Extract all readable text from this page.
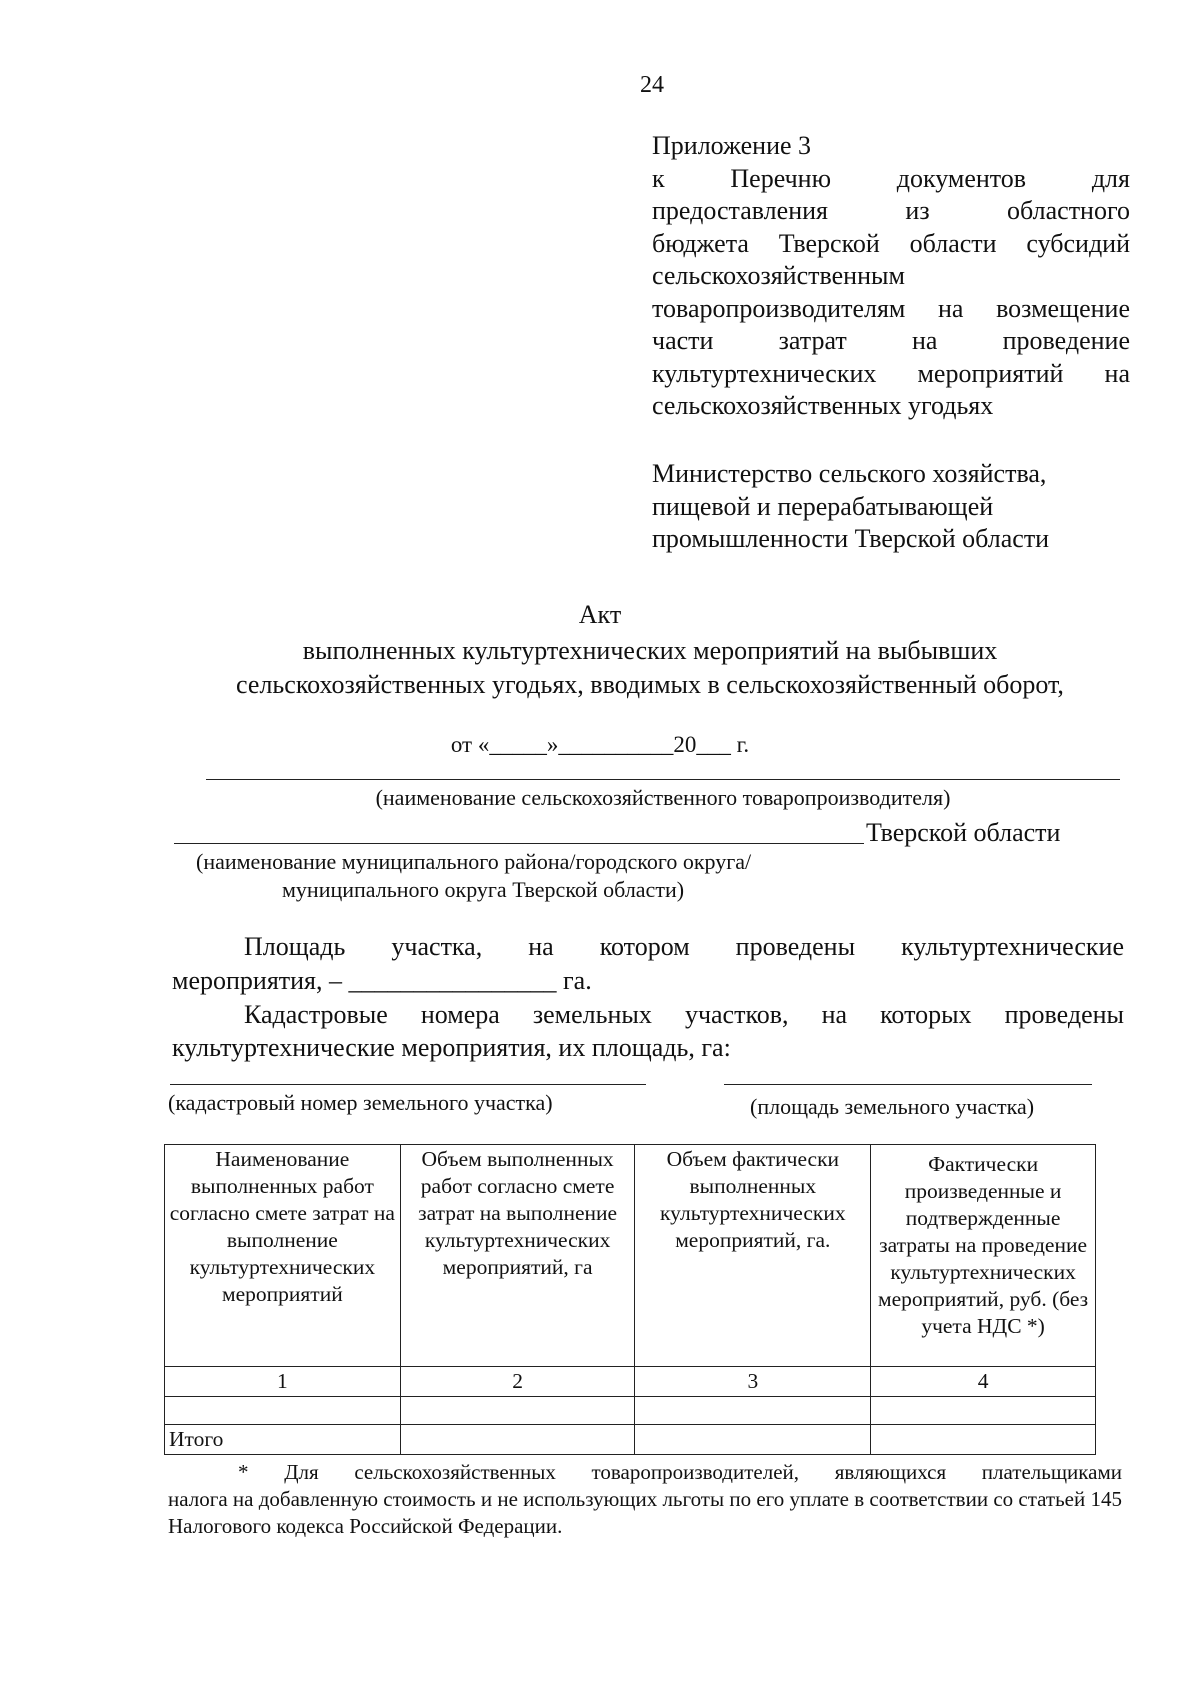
24
Приложение 3
к Перечню документов для
предоставления из областного
бюджета Тверской области субсидий
сельскохозяйственным
товаропроизводителям на возмещение
части затрат на проведение
культуртехнических мероприятий на
сельскохозяйственных угодьях
Министерство сельского хозяйства,
пищевой и перерабатывающей
промышленности Тверской области
Акт
выполненных культуртехнических мероприятий на выбывших
сельскохозяйственных угодьях, вводимых в сельскохозяйственный оборот,
от «_____»__________20___ г.
(наименование сельскохозяйственного товаропроизводителя)
Тверской области
(наименование муниципального района/городского округа/
муниципального округа Тверской области)
Площадь участка, на котором проведены культуртехнические
мероприятия, – ________________ га.
Кадастровые номера земельных участков, на которых проведены
культуртехнические мероприятия, их площадь, га:
(кадастровый номер земельного участка)	(площадь земельного участка)
Наименование выполненных работ согласно смете затрат на выполнение культуртехнических мероприятий	Объем выполненных работ согласно смете затрат на выполнение культуртехнических мероприятий, га	Объем фактически выполненных культуртехнических мероприятий, га.	Фактически произведенные и подтвержденные затраты на проведение культуртехнических мероприятий, руб. (без учета НДС *)
1	2	3	4

Итого			
* Для сельскохозяйственных товаропроизводителей, являющихся плательщиками
налога на добавленную стоимость и не использующих льготы по его уплате в соответствии со статьей 145 Налогового кодекса Российской Федерации.
